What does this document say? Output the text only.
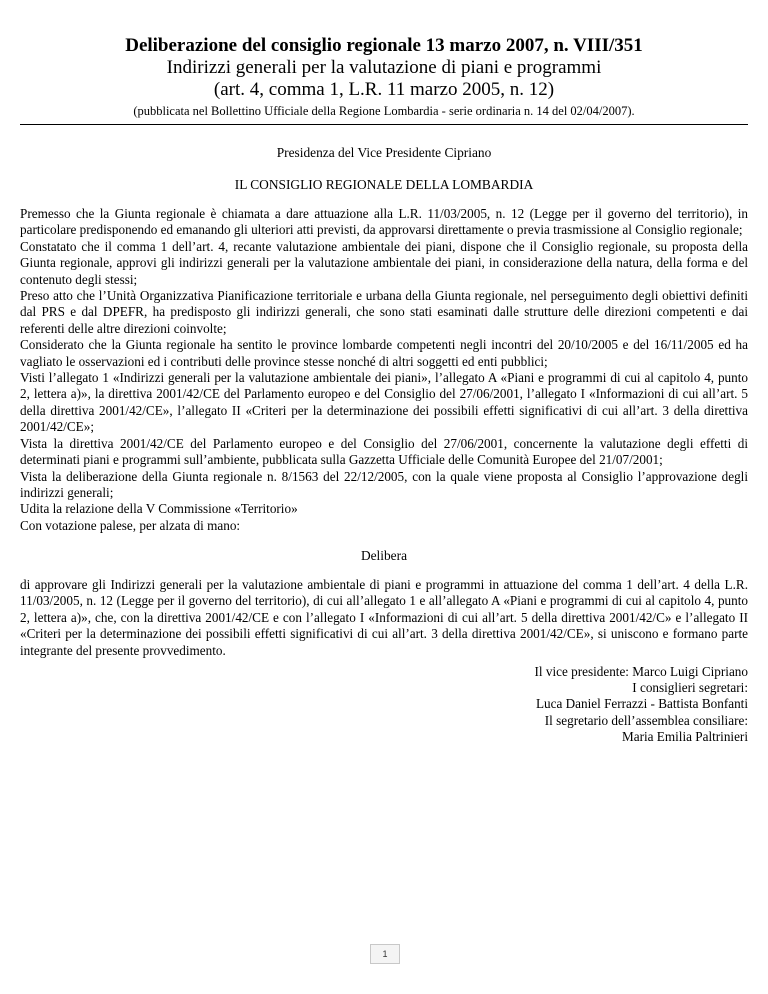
Deliberazione del consiglio regionale 13 marzo 2007, n. VIII/351
Indirizzi generali per la valutazione di piani e programmi
(art. 4, comma 1, L.R. 11 marzo 2005, n. 12)
(pubblicata nel Bollettino Ufficiale della Regione Lombardia - serie ordinaria n. 14 del 02/04/2007).
Presidenza del Vice Presidente Cipriano
IL CONSIGLIO REGIONALE DELLA LOMBARDIA

Premesso che la Giunta regionale è chiamata a dare attuazione alla L.R. 11/03/2005, n. 12 (Legge per il governo del territorio), in particolare predisponendo ed emanando gli ulteriori atti previsti, da approvarsi direttamente o previa trasmissione al Consiglio regionale;

Constatato che il comma 1 dell’art. 4, recante valutazione ambientale dei piani, dispone che il Consiglio regionale, su proposta della Giunta regionale, approvi gli indirizzi generali per la valutazione ambientale dei piani, in considerazione della natura, della forma e del contenuto degli stessi;

Preso atto che l’Unità Organizzativa Pianificazione territoriale e urbana della Giunta regionale, nel perseguimento degli obiettivi definiti dal PRS e dal DPEFR, ha predisposto gli indirizzi generali, che sono stati esaminati dalle strutture delle direzioni competenti e dai referenti delle altre direzioni coinvolte;

Considerato che la Giunta regionale ha sentito le province lombarde competenti negli incontri del 20/10/2005 e del 16/11/2005 ed ha vagliato le osservazioni ed i contributi delle province stesse nonché di altri soggetti ed enti pubblici;

Visti l’allegato 1 «Indirizzi generali per la valutazione ambientale dei piani», l’allegato A «Piani e programmi di cui al capitolo 4, punto 2, lettera a)», la direttiva 2001/42/CE del Parlamento europeo e del Consiglio del 27/06/2001, l’allegato I «Informazioni di cui all’art. 5 della direttiva 2001/42/CE», l’allegato II «Criteri per la determinazione dei possibili effetti significativi di cui all’art. 3 della direttiva 2001/42/CE»;

Vista la direttiva 2001/42/CE del Parlamento europeo e del Consiglio del 27/06/2001, concernente la valutazione degli effetti di determinati piani e programmi sull’ambiente, pubblicata sulla Gazzetta Ufficiale delle Comunità Europee del 21/07/2001;

Vista la deliberazione della Giunta regionale n. 8/1563 del 22/12/2005, con la quale viene proposta al Consiglio l’approvazione degli indirizzi generali;

Udita la relazione della V Commissione «Territorio»

Con votazione palese, per alzata di mano:

Delibera
di approvare gli Indirizzi generali per la valutazione ambientale di piani e programmi in attuazione del comma 1 dell’art. 4 della L.R. 11/03/2005, n. 12 (Legge per il governo del territorio), di cui all’allegato 1 e all’allegato A «Piani e programmi di cui al capitolo 4, punto 2, lettera a)», che, con la direttiva 2001/42/CE e con l’allegato I «Informazioni di cui all’art. 5 della direttiva 2001/42/C» e l’allegato II «Criteri per la determinazione dei possibili effetti significativi di cui all’art. 3 della direttiva 2001/42/CE», si uniscono e formano parte integrante del presente provvedimento.
Il vice presidente: Marco Luigi Cipriano
I consiglieri segretari:
Luca Daniel Ferrazzi - Battista Bonfanti
Il segretario dell’assemblea consiliare:
Maria Emilia Paltrinieri
1
